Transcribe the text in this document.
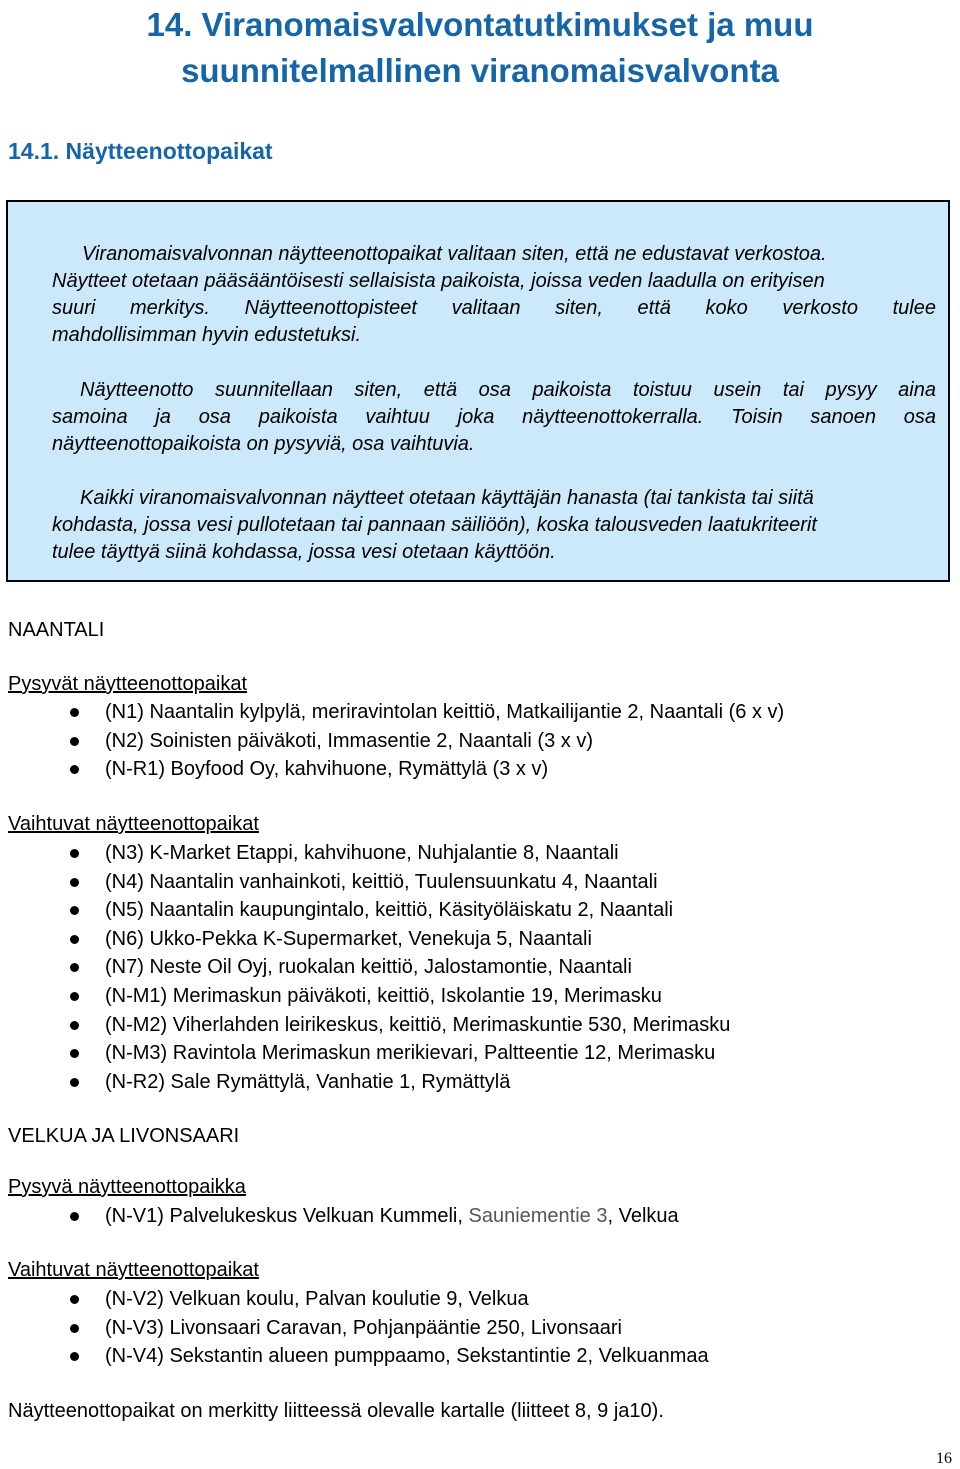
14. Viranomaisvalvontatutkimukset ja muu
suunnitelmallinen viranomaisvalvonta
14.1. Näytteenottopaikat
Viranomaisvalvonnan näytteenottopaikat valitaan siten, että ne edustavat verkostoa.
Näytteet otetaan pääsääntöisesti sellaisista paikoista, joissa veden laadulla on erityisen
suuri merkitys. Näytteenottopisteet valitaan siten, että koko verkosto tulee
mahdollisimman hyvin edustetuksi.
Näytteenotto suunnitellaan siten, että osa paikoista toistuu usein tai pysyy aina
samoina ja osa paikoista vaihtuu joka näytteenottokerralla. Toisin sanoen osa
näytteenottopaikoista on pysyviä, osa vaihtuvia.
Kaikki viranomaisvalvonnan näytteet otetaan käyttäjän hanasta (tai tankista tai siitä
kohdasta, jossa vesi pullotetaan tai pannaan säiliöön), koska talousveden laatukriteerit
tulee täyttyä siinä kohdassa, jossa vesi otetaan käyttöön.
NAANTALI
Pysyvät näytteenottopaikat
(N1) Naantalin kylpylä, meriravintolan keittiö, Matkailijantie 2, Naantali (6 x v)
(N2) Soinisten päiväkoti, Immasentie 2, Naantali (3 x v)
(N-R1) Boyfood Oy, kahvihuone, Rymättylä (3 x v)
Vaihtuvat näytteenottopaikat
(N3) K-Market Etappi, kahvihuone, Nuhjalantie 8, Naantali
(N4) Naantalin vanhainkoti, keittiö, Tuulensuunkatu 4, Naantali
(N5) Naantalin kaupungintalo, keittiö, Käsityöläiskatu 2, Naantali
(N6) Ukko-Pekka K-Supermarket, Venekuja 5, Naantali
(N7) Neste Oil Oyj, ruokalan keittiö, Jalostamontie, Naantali
(N-M1) Merimaskun päiväkoti, keittiö, Iskolantie 19, Merimasku
(N-M2) Viherlahden leirikeskus, keittiö, Merimaskuntie 530, Merimasku
(N-M3) Ravintola Merimaskun merikievari, Paltteentie 12, Merimasku
(N-R2) Sale Rymättylä, Vanhatie 1, Rymättylä
VELKUA JA LIVONSAARI
Pysyvä näytteenottopaikka
(N-V1) Palvelukeskus Velkuan Kummeli, Sauniementie 3, Velkua
Vaihtuvat näytteenottopaikat
(N-V2) Velkuan koulu, Palvan koulutie 9, Velkua
(N-V3) Livonsaari Caravan, Pohjanpääntie 250, Livonsaari
(N-V4) Sekstantin alueen pumppaamo, Sekstantintie 2, Velkuanmaa
Näytteenottopaikat on merkitty liitteessä olevalle kartalle (liitteet 8, 9 ja10).
16
